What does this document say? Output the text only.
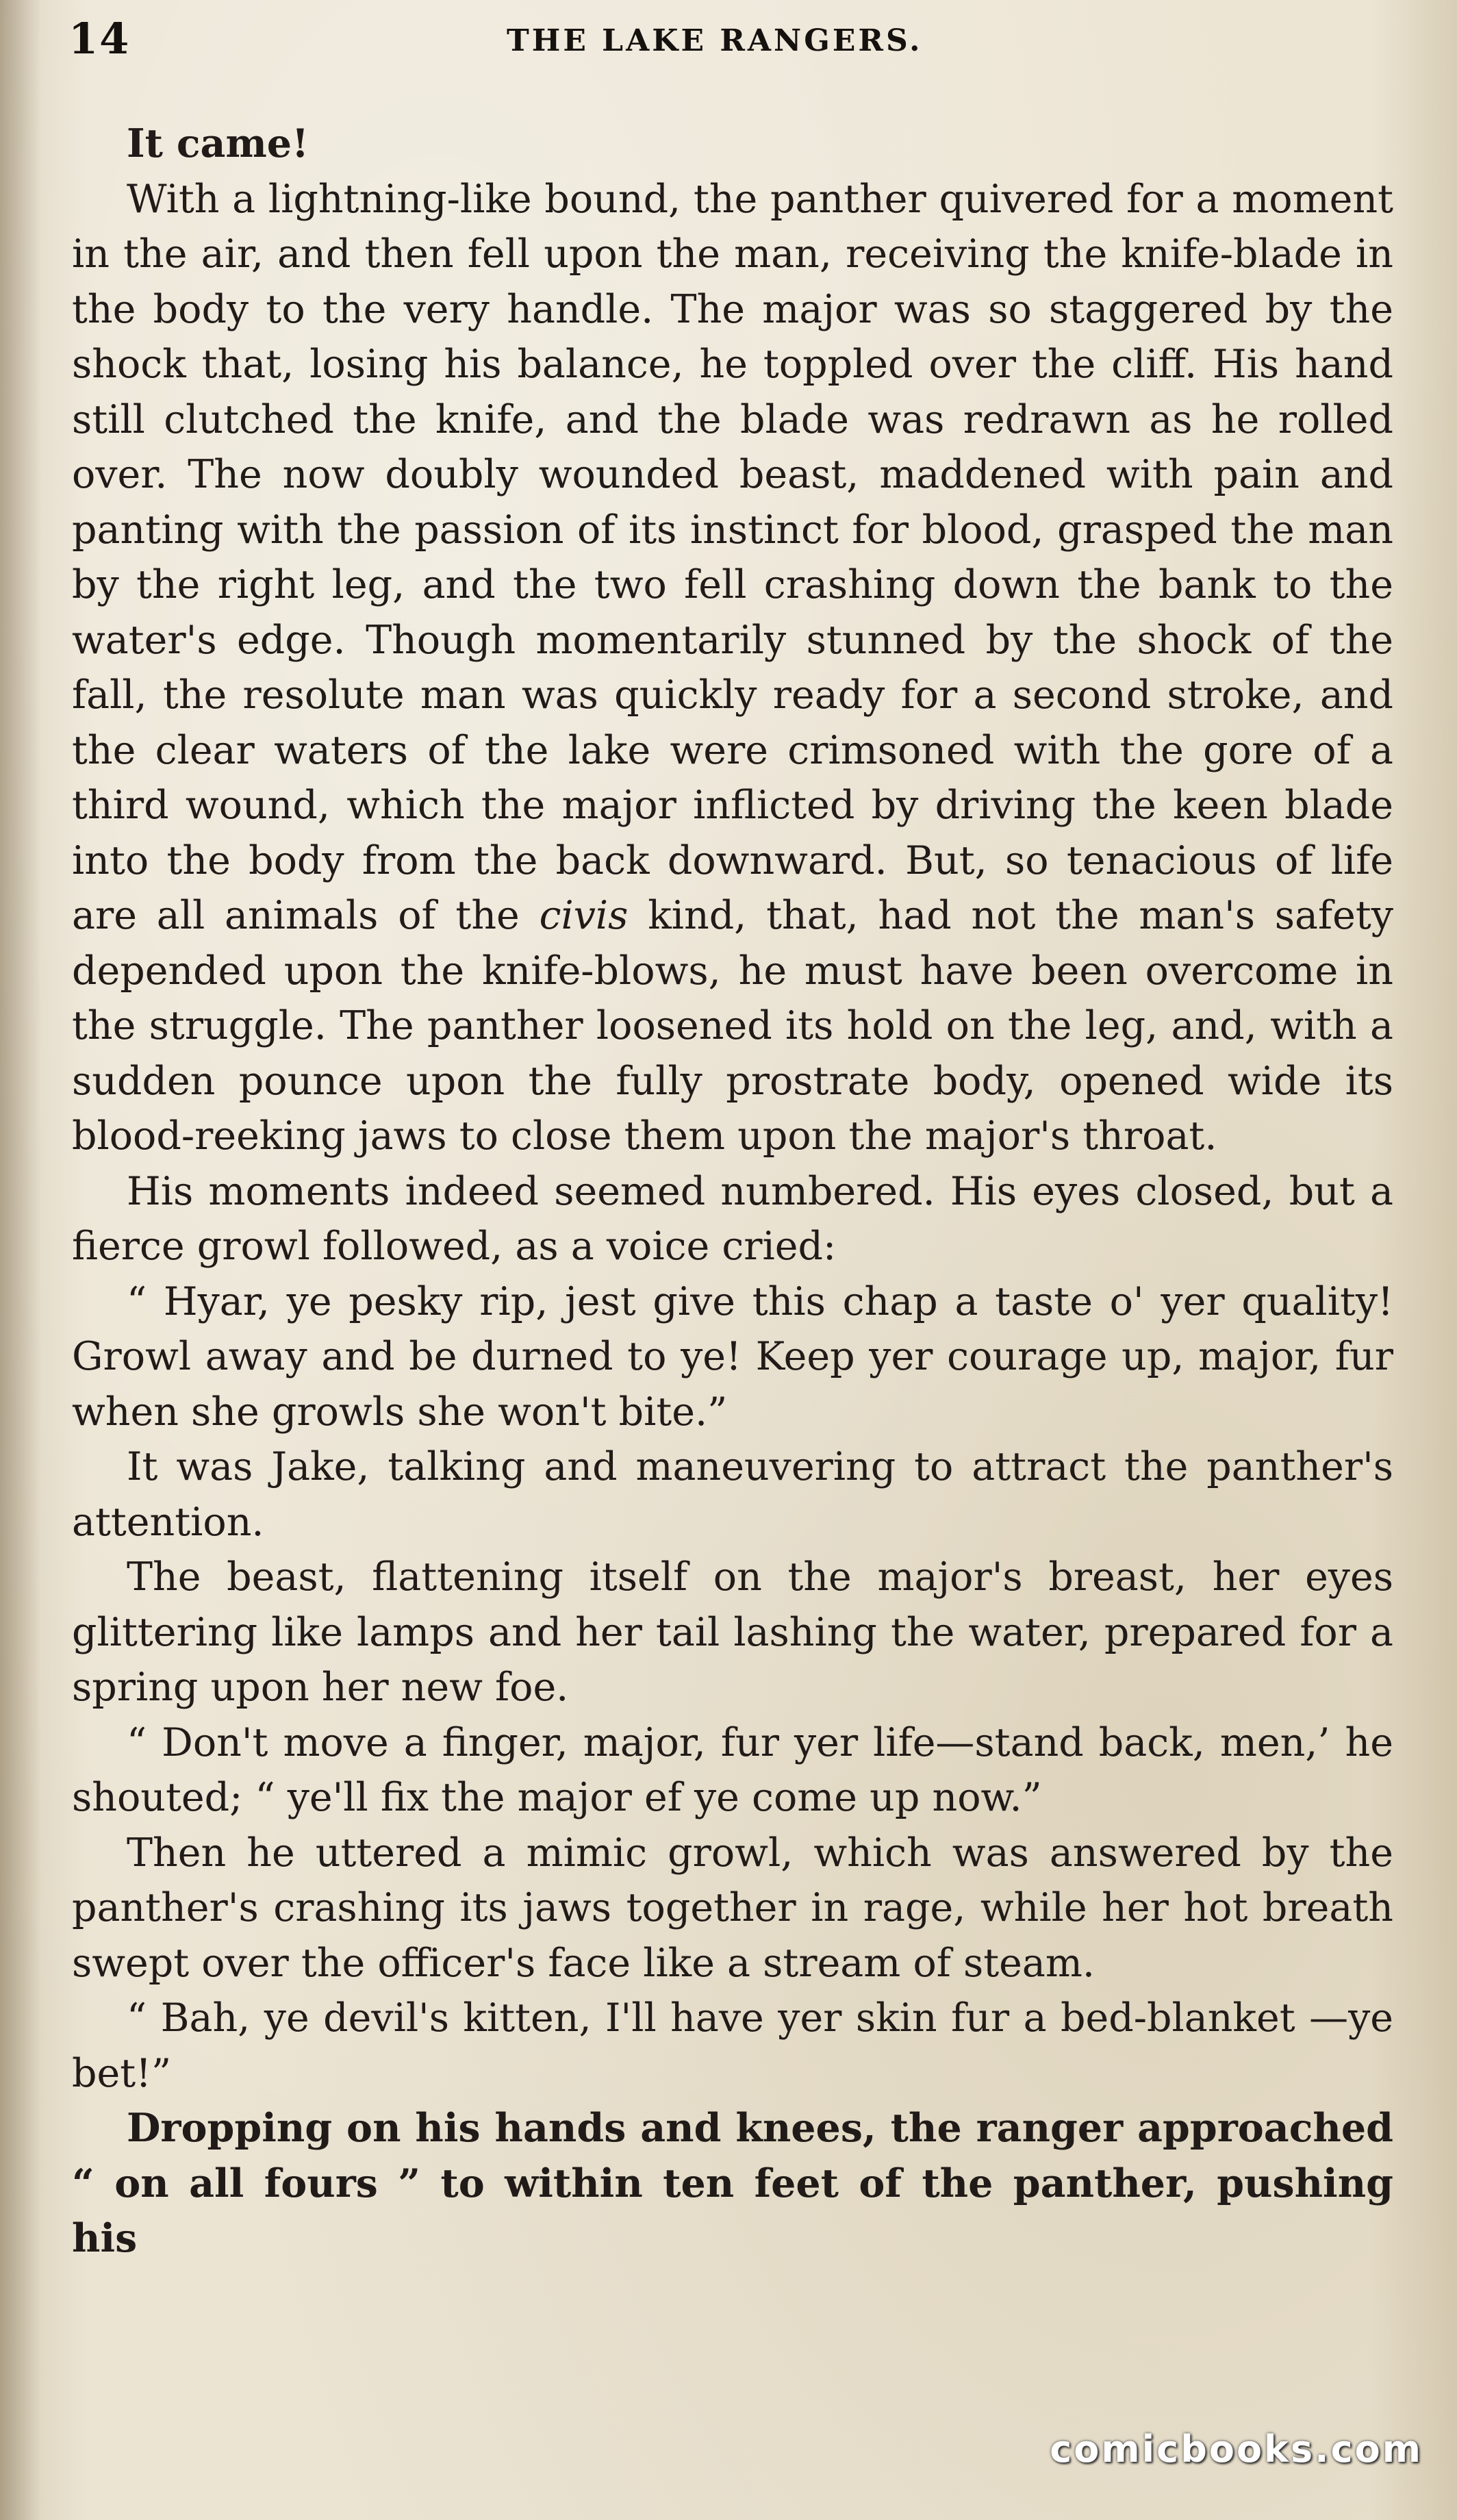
14	THE LAKE RANGERS.

It came!

With a lightning-like bound, the panther quivered for a moment in the air, and then fell upon the man, receiving the knife-blade in the body to the very handle. The major was so staggered by the shock that, losing his balance, he toppled over the cliff. His hand still clutched the knife, and the blade was redrawn as he rolled over. The now doubly wounded beast, maddened with pain and panting with the passion of its instinct for blood, grasped the man by the right leg, and the two fell crashing down the bank to the water's edge. Though momentarily stunned by the shock of the fall, the resolute man was quickly ready for a second stroke, and the clear waters of the lake were crimsoned with the gore of a third wound, which the major inflicted by driving the keen blade into the body from the back downward. But, so tenacious of life are all animals of the civis kind, that, had not the man's safety depended upon the knife-blows, he must have been overcome in the struggle. The panther loosened its hold on the leg, and, with a sudden pounce upon the fully prostrate body, opened wide its blood-reeking jaws to close them upon the major's throat.

His moments indeed seemed numbered. His eyes closed, but a fierce growl followed, as a voice cried:

“ Hyar, ye pesky rip, jest give this chap a taste o' yer quality! Growl away and be durned to ye! Keep yer courage up, major, fur when she growls she won't bite.”

It was Jake, talking and maneuvering to attract the panther's attention.

The beast, flattening itself on the major's breast, her eyes glittering like lamps and her tail lashing the water, prepared for a spring upon her new foe.

“ Don't move a finger, major, fur yer life—stand back, men,’ he shouted; “ ye'll fix the major ef ye come up now.”

Then he uttered a mimic growl, which was answered by the panther's crashing its jaws together in rage, while her hot breath swept over the officer's face like a stream of steam.

“ Bah, ye devil's kitten, I'll have yer skin fur a bed-blanket —ye bet!”

Dropping on his hands and knees, the ranger approached “ on all fours ” to within ten feet of the panther, pushing his

comicbooks.com
